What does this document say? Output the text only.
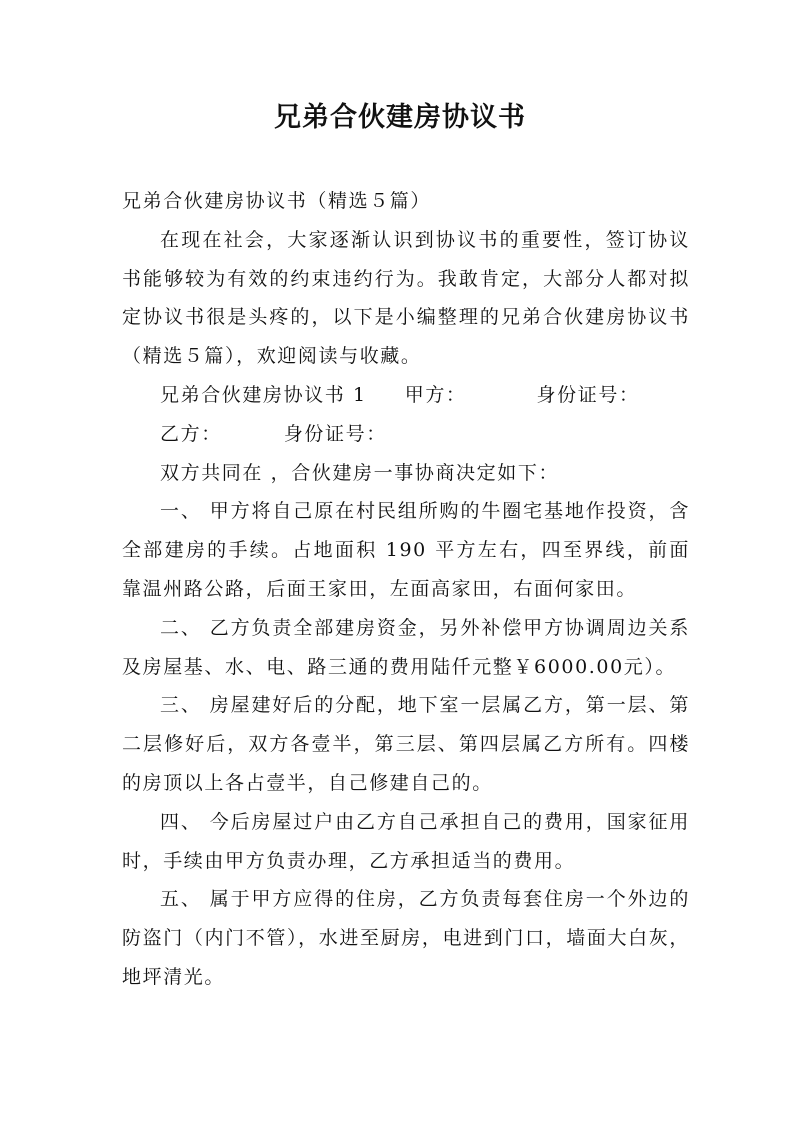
兄弟合伙建房协议书

兄弟合伙建房协议书（精选５篇）

在现在社会，大家逐渐认识到协议书的重要性，签订协议书能够较为有效的约束违约行为。我敢肯定，大部分人都对拟定协议书很是头疼的，以下是小编整理的兄弟合伙建房协议书（精选５篇），欢迎阅读与收藏。

兄弟合伙建房协议书 1 甲方：	身份证号：

乙方：	身份证号：

双方共同在 ，合伙建房一事协商决定如下：

一、 甲方将自己原在村民组所购的牛圈宅基地作投资，含全部建房的手续。占地面积 190 平方左右，四至界线，前面靠温州路公路，后面王家田，左面高家田，右面何家田。

二、 乙方负责全部建房资金，另外补偿甲方协调周边关系及房屋基、水、电、路三通的费用陆仟元整￥6000.00元）。

三、 房屋建好后的分配，地下室一层属乙方，第一层、第二层修好后，双方各壹半，第三层、第四层属乙方所有。四楼的房顶以上各占壹半，自己修建自己的。

四、 今后房屋过户由乙方自己承担自己的费用，国家征用时，手续由甲方负责办理，乙方承担适当的费用。

五、 属于甲方应得的住房，乙方负责每套住房一个外边的防盗门（内门不管），水进至厨房，电进到门口，墙面大白灰，地坪清光。
